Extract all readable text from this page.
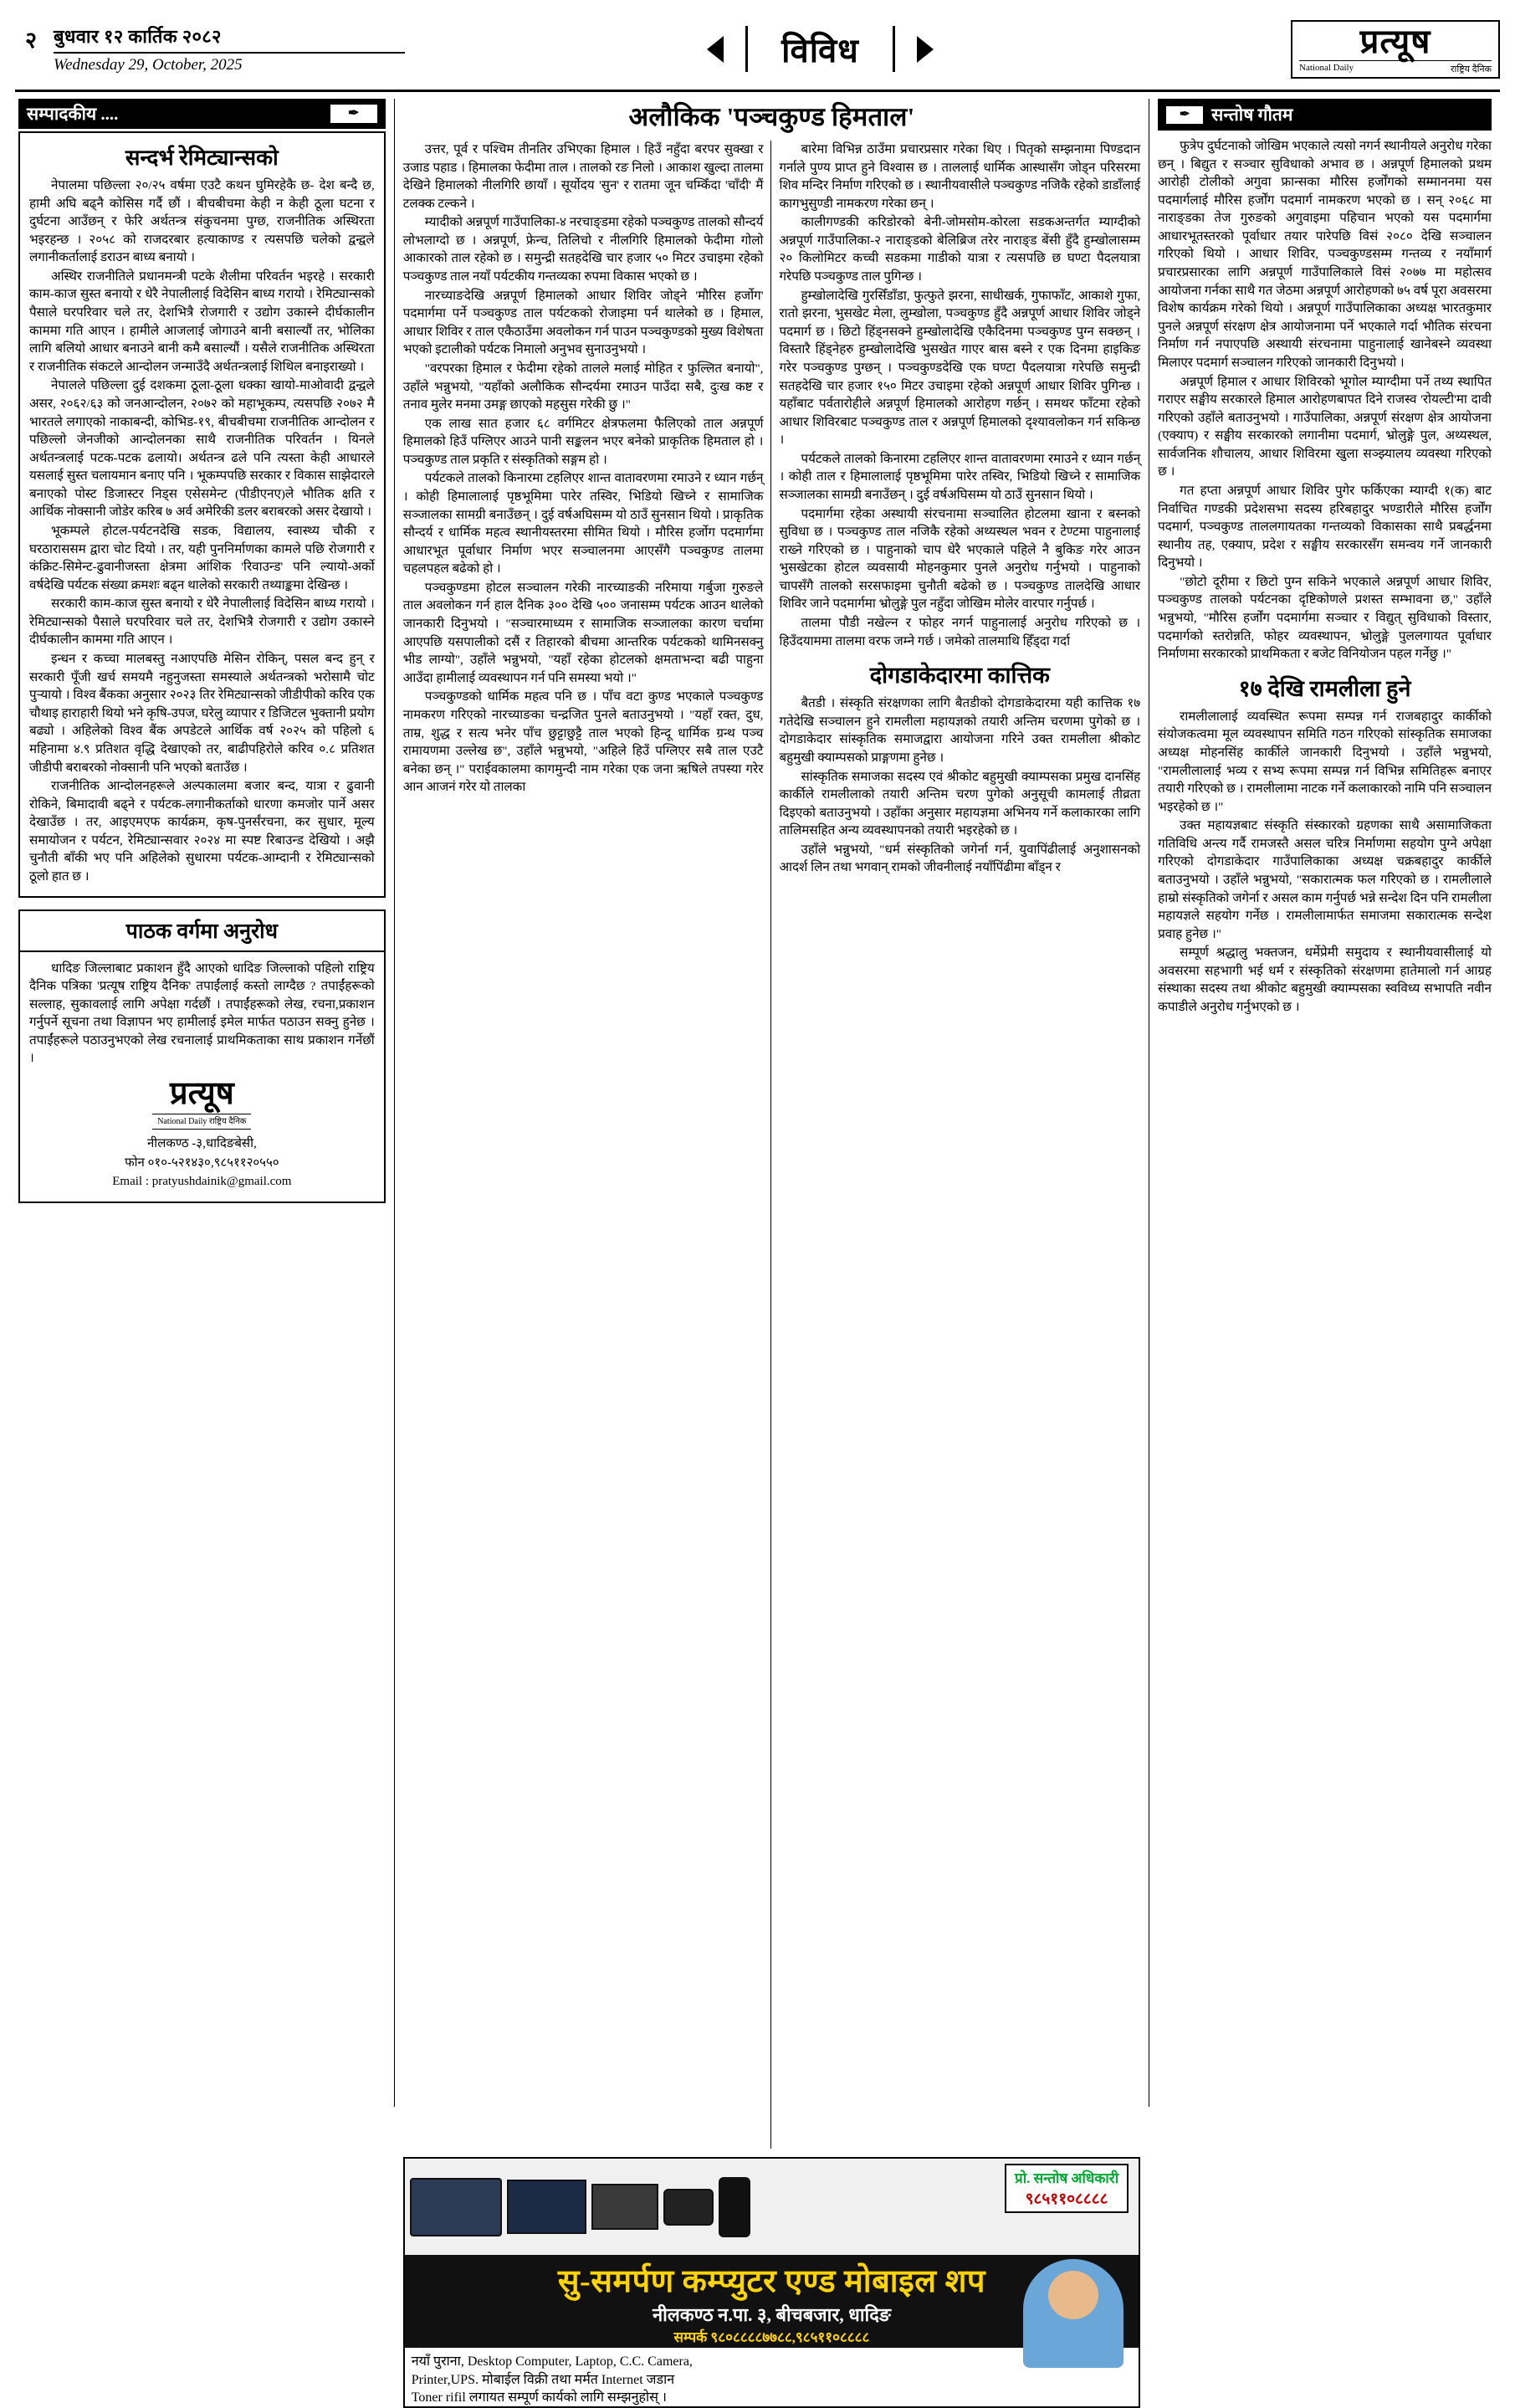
२ बुधवार १२ कार्तिक २०८२
Wednesday 29, October, 2025	विविध	प्रत्यूष
National Daily	राष्ट्रिय दैनिक
सम्पादकीय ....	✒
सन्दर्भ रेमिट्यान्सको

नेपालमा पछिल्ला २०/२५ वर्षमा एउटै कथन घुमिरहेकै छ- देश बन्दै छ, हामी अघि बढ्नै कोसिस गर्दै छौं । बीचबीचमा केही न केही ठूला घटना र दुर्घटना आउँछन् र फेरि अर्थतन्त्र संकुचनमा पुग्छ, राजनीतिक अस्थिरता भइरहन्छ । २०५८ को राजदरबार हत्याकाण्ड र त्यसपछि चलेको द्वन्द्वले लगानीकर्तालाई डराउन बाध्य बनायो ।

अस्थिर राजनीतिले प्रधानमन्त्री पटके शैलीमा परिवर्तन भइरहे । सरकारी काम-काज सुस्त बनायो र धेरै नेपालीलाई विदेसिन बाध्य गरायो । रेमिट्यान्सको पैसाले घरपरिवार चले तर, देशभित्रै रोजगारी र उद्योग उकास्ने दीर्घकालीन काममा गति आएन । हामीले आजलाई जोगाउने बानी बसाल्यौं तर, भोलिका लागि बलियो आधार बनाउने बानी कमै बसाल्यौं । यसैले राजनीतिक अस्थिरता र राजनीतिक संकटले आन्दोलन जन्माउँदै अर्थतन्त्रलाई शिथिल बनाइराख्यो ।

नेपालले पछिल्ला दुई दशकमा ठूला-ठूला धक्का खायो-माओवादी द्वन्द्वले असर, २०६२/६३ को जनआन्दोलन, २०७२ को महाभूकम्प, त्यसपछि २०७२ मै भारतले लगाएको नाकाबन्दी, कोभिड-१९, बीचबीचमा राजनीतिक आन्दोलन र पछिल्लो जेनजीको आन्दोलनका साथै राजनीतिक परिवर्तन । यिनले अर्थतन्त्रलाई पटक-पटक ढलायो। अर्थतन्त्र ढले पनि त्यस्ता केही आधारले यसलाई सुस्त चलायमान बनाए पनि । भूकम्पपछि सरकार र विकास साझेदारले बनाएको पोस्ट डिजास्टर निड्स एसेसमेन्ट (पीडीएनए)ले भौतिक क्षति र आर्थिक नोक्सानी जोडेर करिब ७ अर्व अमेरिकी डलर बराबरको असर देखायो ।

भूकम्पले होटल-पर्यटनदेखि सडक, विद्यालय, स्वास्थ्य चौकी र घरठाराससम द्वारा चोट दियो । तर, यही पुननिर्माणका कामले पछि रोजगारी र कंक्रिट-सिमेन्ट-ढुवानीजस्ता क्षेत्रमा आंशिक 'रिवाउन्ड' पनि ल्यायो-अर्को वर्षदेखि पर्यटक संख्या क्रमशः बढ्न थालेको सरकारी तथ्याङ्कमा देखिन्छ ।

सरकारी काम-काज सुस्त बनायो र धेरै नेपालीलाई विदेसिन बाध्य गरायो । रेमिट्यान्सको पैसाले घरपरिवार चले तर, देशभित्रै रोजगारी र उद्योग उकास्ने दीर्घकालीन काममा गति आएन ।

इन्धन र कच्चा मालबस्तु नआएपछि मेसिन रोकिन्, पसल बन्द हुन् र सरकारी पूँजी खर्च समयमै नहुनुजस्ता समस्याले अर्थतन्त्रको भरोसामै चोट पुऱ्यायो । विश्व बैंकका अनुसार २०२३ तिर रेमिट्यान्सको जीडीपीको करिव एक चौथाइ हाराहारी थियो भने कृषि-उपज, घरेलु व्यापार र डिजिटल भुक्तानी प्रयोग बढ्यो । अहिलेको विश्व बैंक अपडेटले आर्थिक वर्ष २०२५ को पहिलो ६ महिनामा ४.९ प्रतिशत वृद्धि देखाएको तर, बाढीपहिरोले करिव ०.८ प्रतिशत जीडीपी बराबरको नोक्सानी पनि भएको बताउँछ ।

राजनीतिक आन्दोलनहरूले अल्पकालमा बजार बन्द, यात्रा र ढुवानी रोकिने, बिमादावी बढ्ने र पर्यटक-लगानीकर्ताको धारणा कमजोर पार्ने असर देखाउँछ । तर, आइएमएफ कार्यक्रम, कृष-पुनर्संरचना, कर सुधार, मूल्य समायोजन र पर्यटन, रेमिट्यान्सवार २०२४ मा स्पष्ट रिबाउन्ड देखियो । अझै चुनौती बाँकी भए पनि अहिलेको सुधारमा पर्यटक-आम्दानी र रेमिट्यान्सको ठूलो हात छ ।

पाठक वर्गमा अनुरोध

धादिङ जिल्लाबाट प्रकाशन हुँदै आएको धादिङ जिल्लाको पहिलो राष्ट्रिय दैनिक पत्रिका 'प्रत्यूष राष्ट्रिय दैनिक' तपाईंलाई कस्तो लाग्दैछ ? तपाईंहरूको सल्लाह, सुकावलाई लागि अपेक्षा गर्दछौं । तपाईंहरूको लेख, रचना,प्रकाशन गर्नुपर्ने सूचना तथा विज्ञापन भए हामीलाई इमेल मार्फत पठाउन सक्नु हुनेछ । तपाईंहरूले पठाउनुभएको लेख रचनालाई प्राथमिकताका साथ प्रकाशन गर्नेछौं ।

प्रत्यूष
National Daily राष्ट्रिय दैनिक
नीलकण्ठ -३,धादिङबेसी,
फोन ०१०-५२१४३०,९८५११२०५५०
Email : pratyushdainik@gmail.com
अलौकिक 'पञ्चकुण्ड हिमताल'

उत्तर, पूर्व र पश्चिम तीनतिर उभिएका हिमाल । हिउँ नहुँदा बरपर सुक्खा र उजाड पहाड । हिमालका फेदीमा ताल । तालको रङ निलो । आकाश खुल्दा तालमा देखिने हिमालको नीलगिरि छायाँ । सूर्योदय 'सुन' र रातमा जून चम्किँदा 'चाँदी' मैं टलक्क टल्कने ।

म्यादीको अन्नपूर्ण गाउँपालिका-४ नरचाङ्डमा रहेको पञ्चकुण्ड तालको सौन्दर्य लोभलाग्दो छ । अन्नपूर्ण, फ्रेन्च, तिलिचो र नीलगिरि हिमालको फेदीमा गोलो आकारको ताल रहेको छ । समुन्द्री सतहदेखि चार हजार ५० मिटर उचाइमा रहेको पञ्चकुण्ड ताल नयाँ पर्यटकीय गन्तव्यका रुपमा विकास भएको छ ।

नारच्याङदेखि अन्नपूर्ण हिमालको आधार शिविर जोड्ने 'मौरिस हर्जोग' पदमार्गमा पर्ने पञ्चकुण्ड ताल पर्यटकको रोजाइमा पर्न थालेको छ । हिमाल, आधार शिविर र ताल एकैठाउँमा अवलोकन गर्न पाउन पञ्चकुण्डको मुख्य विशेषता भएको इटालीको पर्यटक निमालो अनुभव सुनाउनुभयो ।

"वरपरका हिमाल र फेदीमा रहेको तालले मलाई मोहित र फुल्लित बनायो", उहाँले भन्नुभयो, "यहाँको अलौकिक सौन्दर्यमा रमाउन पाउँदा सबै, दुःख कष्ट र तनाव मुलेर मनमा उमङ्ग छाएको महसुस गरेकी छु ।"

एक लाख सात हजार ६८ वर्गमिटर क्षेत्रफलमा फैलिएको ताल अन्नपूर्ण हिमालको हिउँ पग्लिएर आउने पानी सङ्कलन भएर बनेको प्राकृतिक हिमताल हो । पञ्चकुण्ड ताल प्रकृति र संस्कृतिको सङ्गम हो ।

पर्यटकले तालको किनारमा टहलिएर शान्त वातावरणमा रमाउने र ध्यान गर्छन् । कोही हिमालालाई पृष्ठभूमिमा पारेर तस्विर, भिडियो खिच्ने र सामाजिक सञ्जालका सामग्री बनाउँछन् । दुई वर्षअघिसम्म यो ठाउँ सुनसान थियो । प्राकृतिक सौन्दर्य र धार्मिक महत्व स्थानीयस्तरमा सीमित थियो । मौरिस हर्जोग पदमार्गमा आधारभूत पूर्वाधार निर्माण भएर सञ्चालनमा आएसँगै पञ्चकुण्ड तालमा चहलपहल बढेको हो ।

पञ्चकुण्डमा होटल सञ्चालन गरेकी नारच्याङकी नरिमाया गर्बुजा गुरुङले ताल अवलोकन गर्न हाल दैनिक ३०० देखि ५०० जनासम्म पर्यटक आउन थालेको जानकारी दिनुभयो । "सञ्चारमाध्यम र सामाजिक सञ्जालका कारण चर्चामा आएपछि यसपालीको दसैं र तिहारको बीचमा आन्तरिक पर्यटकको थामिनसक्नु भीड लाग्यो", उहाँले भन्नुभयो, "यहाँ रहेका होटलको क्षमताभन्दा बढी पाहुना आउँदा हामीलाई व्यवस्थापन गर्न पनि समस्या भयो ।"

पञ्चकुण्डको धार्मिक महत्व पनि छ । पाँच वटा कुण्ड भएकाले पञ्चकुण्ड नामकरण गरिएको नारच्याङका चन्द्रजित पुनले बताउनुभयो । "यहाँ रक्त, दुध, ताम्र, शुद्ध र सत्य भनेर पाँच छुट्टाछुट्टै ताल भएको हिन्दू धार्मिक ग्रन्थ पञ्च रामायणमा उल्लेख छ", उहाँले भन्नुभयो, "अहिले हिउँ पग्लिएर सबै ताल एउटै बनेका छन् ।" पराईवकालमा कागमुन्दी नाम गरेका एक जना ऋषिले तपस्या गरेर आन आजनं गरेर यो तालका

बारेमा विभिन्न ठाउँमा प्रचारप्रसार गरेका थिए । पितृको सम्झनामा पिण्डदान गर्नाले पुण्य प्राप्त हुने विश्वास छ । ताललाई धार्मिक आस्थासँग जोड्न परिसरमा शिव मन्दिर निर्माण गरिएको छ । स्थानीयवासीले पञ्चकुण्ड नजिकै रहेको डाडाँलाई कागभुसुण्डी नामकरण गरेका छन् ।

कालीगण्डकी करिडोरको बेनी-जोमसोम-कोरला सडकअन्तर्गत म्याग्दीको अन्नपूर्ण गाउँपालिका-२ नाराङ्डको बेलिब्रिज तरेर नाराङ्ड बेंसी हुँदै हुम्खोलासम्म २० किलोमिटर कच्ची सडकमा गाडीको यात्रा र त्यसपछि छ घण्टा पैदलयात्रा गरेपछि पञ्चकुण्ड ताल पुगिन्छ ।

हुम्खोलादेखि गुरसिँडाँडा, फुत्फुते झरना, साधीखर्क, गुफाफाँट, आकाशे गुफा, रातो झरना, भुसखेट मेला, लुम्खोला, पञ्चकुण्ड हुँदै अन्नपूर्ण आधार शिविर जोड्ने पदमार्ग छ । छिटो हिंड्नसक्ने हुम्खोलादेखि एकैदिनमा पञ्चकुण्ड पुग्न सक्छन् । विस्तारै हिंड्नेहरु हुम्खोलादेखि भुसखेत गाएर बास बस्ने र एक दिनमा हाइकिङ गरेर पञ्चकुण्ड पुग्छन् । पञ्चकुण्डदेखि एक घण्टा पैदलयात्रा गरेपछि समुन्द्री सतहदेखि चार हजार १५० मिटर उचाइमा रहेको अन्नपूर्ण आधार शिविर पुगिन्छ । यहाँबाट पर्वतारोहीले अन्नपूर्ण हिमालको आरोहण गर्छन् । समथर फाँटमा रहेको आधार शिविरबाट पञ्चकुण्ड ताल र अन्नपूर्ण हिमालको दृश्यावलोकन गर्न सकिन्छ ।

पर्यटकले तालको किनारमा टहलिएर शान्त वातावरणमा रमाउने र ध्यान गर्छन् । कोही ताल र हिमालालाई पृष्ठभूमिमा पारेर तस्विर, भिडियो खिच्ने र सामाजिक सञ्जालका सामग्री बनाउँछन् । दुई वर्षअघिसम्म यो ठाउँ सुनसान थियो ।

पदमार्गमा रहेका अस्थायी संरचनामा सञ्चालित होटलमा खाना र बस्नको सुविधा छ । पञ्चकुण्ड ताल नजिकै रहेको अथ्यस्थल भवन र टेण्टमा पाहुनालाई राख्ने गरिएको छ । पाहुनाको चाप धेरै भएकाले पहिले नै बुकिङ गरेर आउन भुसखेटका होटल व्यवसायी मोहनकुमार पुनले अनुरोध गर्नुभयो । पाहुनाको चापसँगै तालको सरसफाइमा चुनौती बढेको छ । पञ्चकुण्ड तालदेखि आधार शिविर जाने पदमार्गमा भ्रोलुङ्गे पुल नहुँदा जोखिम मोलेर वारपार गर्नुपर्छ ।

तालमा पौडी नखेल्न र फोहर नगर्न पाहुनालाई अनुरोध गरिएको छ । हिउँदयाममा तालमा वरफ जम्ने गर्छ । जमेको तालमाथि हिँड्दा गर्दा

दोगडाकेदारमा कात्तिक

बैतडी । संस्कृति संरक्षणका लागि बैतडीको दोगडाकेदारमा यही कात्तिक १७ गतेदेखि सञ्चालन हुने रामलीला महायज्ञको तयारी अन्तिम चरणमा पुगेको छ । दोगडाकेदार सांस्कृतिक समाजद्वारा आयोजना गरिने उक्त रामलीला श्रीकोट बहुमुखी क्याम्पसको प्राङ्गणमा हुनेछ ।

सांस्कृतिक समाजका सदस्य एवं श्रीकोट बहुमुखी क्याम्पसका प्रमुख दानसिंह कार्कीले रामलीलाको तयारी अन्तिम चरण पुगेको अनुसूची कामलाई तीव्रता दिइएको बताउनुभयो । उहाँका अनुसार महायज्ञमा अभिनय गर्ने कलाकारका लागि तालिमसहित अन्य व्यवस्थापनको तयारी भइरहेको छ ।

उहाँले भन्नुभयो, "धर्म संस्कृतिको जगेर्ना गर्न, युवापिंढीलाई अनुशासनको आदर्श लिन तथा भगवान् रामको जीवनीलाई नयाँपिंढीमा बाँड्न र

प्रो. सन्तोष अधिकारी
९८५११०८८८८
सु-समर्पण कम्प्युटर एण्ड मोबाइल शप
नीलकण्ठ न.पा. ३, बीचबजार, धादिङ
सम्पर्क ९८०८८८८७७८८,९८५११०८८८८
नयाँ पुराना, Desktop Computer, Laptop, C.C. Camera,
Printer,UPS. मोबाईल विक्री तथा मर्मत Internet जडान
Toner rifil लगायत सम्पूर्ण कार्यको लागि सम्झनुहोस् ।
✒	सन्तोष गौतम

फुत्रेप दुर्घटनाको जोखिम भएकाले त्यसो नगर्न स्थानीयले अनुरोध गरेका छन् । बिद्युत र सञ्चार सुविधाको अभाव छ । अन्नपूर्ण हिमालको प्रथम आरोही टोलीको अगुवा फ्रान्सका मौरिस हर्जोंगको सम्माननमा यस पदमार्गलाई मौरिस हर्जोंग पदमार्ग नामकरण भएको छ । सन् २०६८ मा नाराङ्डका तेज गुरुङको अगुवाइमा पहिचान भएको यस पदमार्गमा आधारभूतस्तरको पूर्वाधार तयार पारेपछि विसं २०८० देखि सञ्चालन गरिएको थियो । आधार शिविर, पञ्चकुण्डसम्म गन्तव्य र नयाँमार्ग प्रचारप्रसारका लागि अन्नपूर्ण गाउँपालिकाले विसं २०७७ मा महोत्सव आयोजना गर्नका साथै गत जेठमा अन्नपूर्ण आरोहणको ७५ वर्ष पूरा अवसरमा विशेष कार्यक्रम गरेको थियो । अन्नपूर्ण गाउँपालिकाका अध्यक्ष भारतकुमार पुनले अन्नपूर्ण संरक्षण क्षेत्र आयोजनामा पर्ने भएकाले गर्दा भौतिक संरचना निर्माण गर्न नपाएपछि अस्थायी संरचनामा पाहुनालाई खानेबस्ने व्यवस्था मिलाएर पदमार्ग सञ्चालन गरिएको जानकारी दिनुभयो ।

अन्नपूर्ण हिमाल र आधार शिविरको भूगोल म्याग्दीमा पर्ने तथ्य स्थापित गराएर सङ्घीय सरकारले हिमाल आरोहणबापत दिने राजस्व 'रोयल्टी'मा दावी गरिएको उहाँले बताउनुभयो । गाउँपालिका, अन्नपूर्ण संरक्षण क्षेत्र आयोजना (एक्याप) र सङ्घीय सरकारको लगानीमा पदमार्ग, भ्रोलुङ्गे पुल, अथ्यस्थल, सार्वजनिक शौचालय, आधार शिविरमा खुला सञ्झ्यालय व्यवस्था गरिएको छ ।

गत हप्ता अन्नपूर्ण आधार शिविर पुगेर फर्किएका म्याग्दी १(क) बाट निर्वाचित गण्डकी प्रदेशसभा सदस्य हरिबहादुर भण्डारीले मौरिस हर्जोंग पदमार्ग, पञ्चकुण्ड ताललगायतका गन्तव्यको विकासका साथै प्रबर्द्धनमा स्थानीय तह, एक्याप, प्रदेश र सङ्घीय सरकारसँग समन्वय गर्ने जानकारी दिनुभयो ।

"छोटो दूरीमा र छिटो पुग्न सकिने भएकाले अन्नपूर्ण आधार शिविर, पञ्चकुण्ड तालको पर्यटनका दृष्टिकोणले प्रशस्त सम्भावना छ," उहाँले भन्नुभयो, "मौरिस हर्जोंग पदमार्गमा सञ्चार र विद्युत् सुविधाको विस्तार, पदमार्गको स्तरोन्नति, फोहर व्यवस्थापन, भ्रोलुङ्गे पुललगायत पूर्वाधार निर्माणमा सरकारको प्राथमिकता र बजेट विनियोजन पहल गर्नेछु ।"

१७ देखि रामलीला हुने

रामलीलालाई व्यवस्थित रूपमा सम्पन्न गर्न राजबहादुर कार्कीको संयोजकत्वमा मूल व्यवस्थापन समिति गठन गरिएको सांस्कृतिक समाजका अध्यक्ष मोहनसिंह कार्कीले जानकारी दिनुभयो । उहाँले भन्नुभयो, "रामलीलालाई भव्य र सभ्य रूपमा सम्पन्न गर्न विभिन्न समितिहरू बनाएर तयारी गरिएको छ । रामलीलामा नाटक गर्ने कलाकारको नामि पनि सञ्चालन भइरहेको छ ।"

उक्त महायज्ञबाट संस्कृति संस्कारको ग्रहणका साथै असामाजिकता गतिविधि अन्त्य गर्दै रामजस्तै असल चरित्र निर्माणमा सहयोग पुग्ने अपेक्षा गरिएको दोगडाकेदार गाउँपालिकाका अध्यक्ष चक्रबहादुर कार्कीले बताउनुभयो । उहाँले भन्नुभयो, "सकारात्मक फल गरिएको छ । रामलीलाले हाम्रो संस्कृतिको जगेर्ना र असल काम गर्नुपर्छ भन्ने सन्देश दिन पनि रामलीला महायज्ञले सहयोग गर्नेछ । रामलीलामार्फत समाजमा सकारात्मक सन्देश प्रवाह हुनेछ ।"

सम्पूर्ण श्रद्धालु भक्तजन, धर्मेप्रेमी समुदाय र स्थानीयवासीलाई यो अवसरमा सहभागी भई धर्म र संस्कृतिको संरक्षणमा हातेमालो गर्न आग्रह संस्थाका सदस्य तथा श्रीकोट बहुमुखी क्याम्पसका स्वविध्य सभापति नवीन कपाडीले अनुरोध गर्नुभएको छ ।
